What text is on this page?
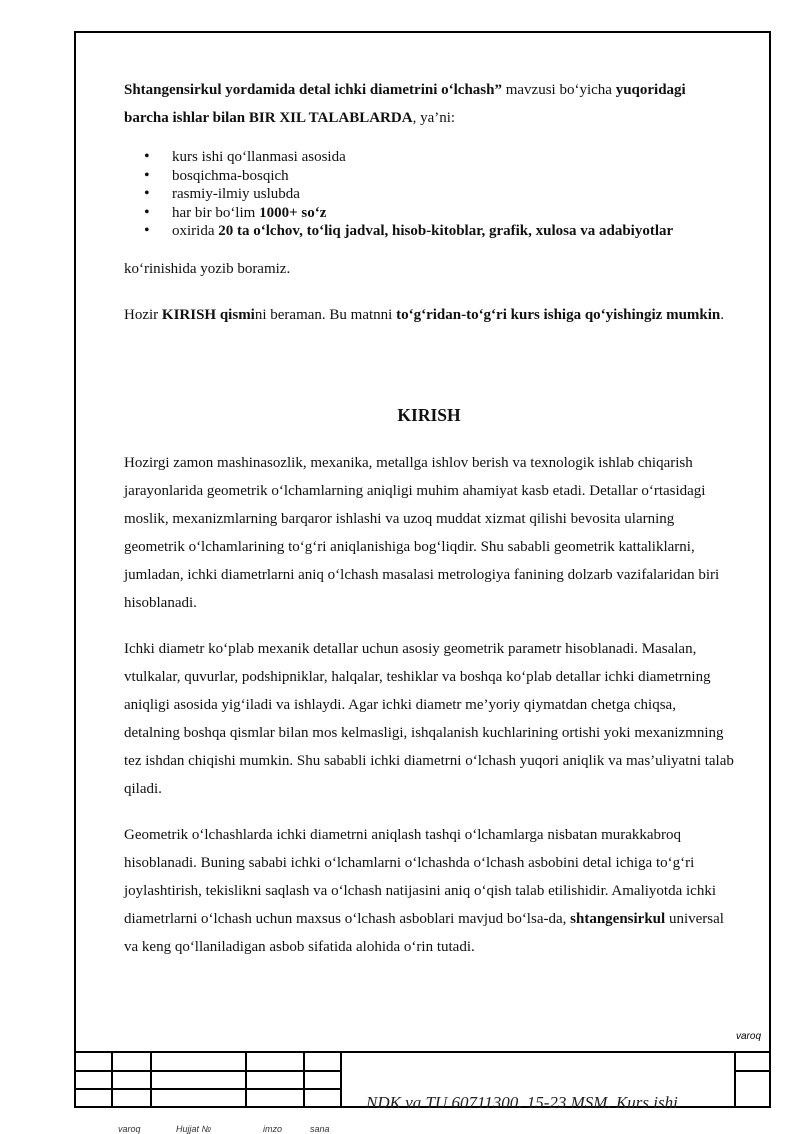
Shtangensirkul yordamida detal ichki diametrini o‘lchash” mavzusi bo‘yicha yuqoridagi barcha ishlar bilan BIR XIL TALABLARDA, ya’ni:

• kurs ishi qo‘llanmasi asosida
• bosqichma-bosqich
• rasmiy-ilmiy uslubda
• har bir bo‘lim 1000+ so‘z
• oxirida 20 ta o‘lchov, to‘liq jadval, hisob-kitoblar, grafik, xulosa va adabiyotlar

ko‘rinishida yozib boramiz.

Hozir KIRISH qismini beraman. Bu matnni to‘g‘ridan-to‘g‘ri kurs ishiga qo‘yishingiz mumkin.

KIRISH

Hozirgi zamon mashinasozlik, mexanika, metallga ishlov berish va texnologik ishlab chiqarish jarayonlarida geometrik o‘lchamlarning aniqligi muhim ahamiyat kasb etadi. Detallar o‘rtasidagi moslik, mexanizmlarning barqaror ishlashi va uzoq muddat xizmat qilishi bevosita ularning geometrik o‘lchamlarining to‘g‘ri aniqlanishiga bog‘liqdir. Shu sababli geometrik kattaliklarni, jumladan, ichki diametrlarni aniq o‘lchash masalasi metrologiya fanining dolzarb vazifalaridan biri hisoblanadi.

Ichki diametr ko‘plab mexanik detallar uchun asosiy geometrik parametr hisoblanadi. Masalan, vtulkalar, quvurlar, podshipniklar, halqalar, teshiklar va boshqa ko‘plab detallar ichki diametrning aniqligi asosida yig‘iladi va ishlaydi. Agar ichki diametr me’yoriy qiymatdan chetga chiqsa, detalning boshqa qismlar bilan mos kelmasligi, ishqalanish kuchlarining ortishi yoki mexanizmning tez ishdan chiqishi mumkin. Shu sababli ichki diametrni o‘lchash yuqori aniqlik va mas’uliyatni talab qiladi.

Geometrik o‘lchashlarda ichki diametrni aniqlash tashqi o‘lchamlarga nisbatan murakkabroq hisoblanadi. Buning sababi ichki o‘lchamlarni o‘lchashda o‘lchash asbobini detal ichiga to‘g‘ri joylashtirish, tekislikni saqlash va o‘lchash natijasini aniq o‘qish talab etilishidir. Amaliyotda ichki diametrlarni o‘lchash uchun maxsus o‘lchash asboblari mavjud bo‘lsa-da, shtangensirkul universal va keng qo‘llaniladigan asbob sifatida alohida o‘rin tutadi.

varoq
NDK va TU 60711300. 15-23 MSM. Kurs ishi
varoq	Hujjat №	imzo	sana
